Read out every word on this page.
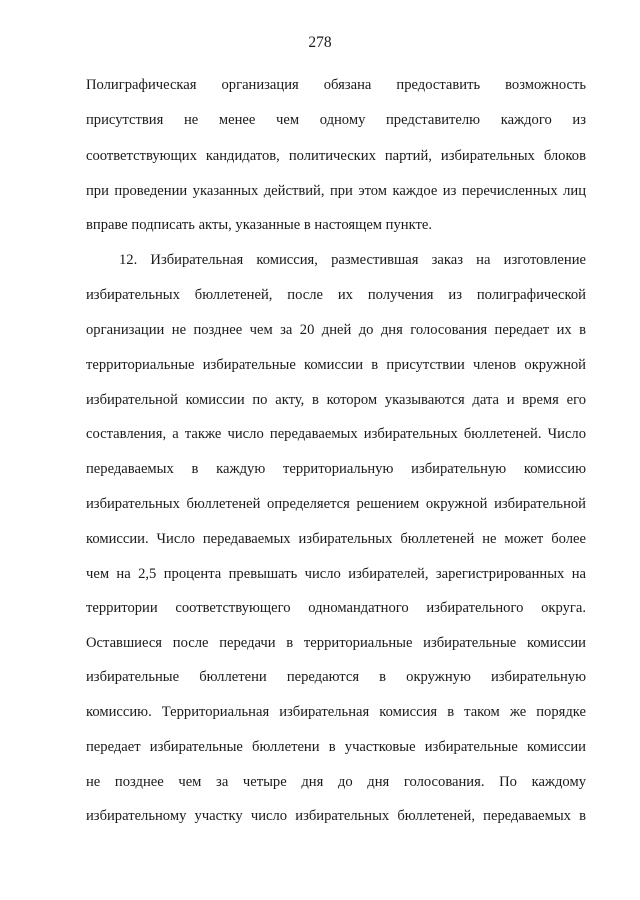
278
Полиграфическая организация обязана предоставить возможность
присутствия не менее чем одному представителю каждого из
соответствующих кандидатов, политических партий, избирательных блоков
при проведении указанных действий, при этом каждое из перечисленных лиц
вправе подписать акты, указанные в настоящем пункте.
12. Избирательная комиссия, разместившая заказ на изготовление
избирательных бюллетеней, после их получения из полиграфической
организации не позднее чем за 20 дней до дня голосования передает их в
территориальные избирательные комиссии в присутствии членов окружной
избирательной комиссии по акту, в котором указываются дата и время его
составления, а также число передаваемых избирательных бюллетеней. Число
передаваемых в каждую территориальную избирательную комиссию
избирательных бюллетеней определяется решением окружной избирательной
комиссии. Число передаваемых избирательных бюллетеней не может более
чем на 2,5 процента превышать число избирателей, зарегистрированных на
территории соответствующего одномандатного избирательного округа.
Оставшиеся после передачи в территориальные избирательные комиссии
избирательные бюллетени передаются в окружную избирательную
комиссию. Территориальная избирательная комиссия в таком же порядке
передает избирательные бюллетени в участковые избирательные комиссии
не позднее чем за четыре дня до дня голосования. По каждому
избирательному участку число избирательных бюллетеней, передаваемых в
